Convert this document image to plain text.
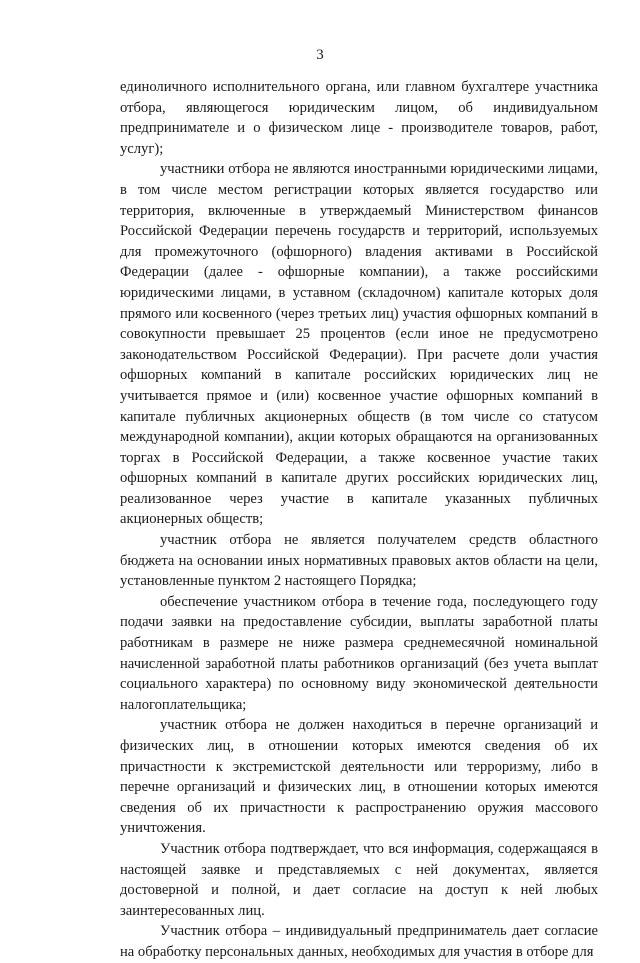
3

единоличного исполнительного органа, или главном бухгалтере участника отбора, являющегося юридическим лицом, об индивидуальном предпринимателе и о физическом лице - производителе товаров, работ, услуг);

участники отбора не являются иностранными юридическими лицами, в том числе местом регистрации которых является государство или территория, включенные в утверждаемый Министерством финансов Российской Федерации перечень государств и территорий, используемых для промежуточного (офшорного) владения активами в Российской Федерации (далее - офшорные компании), а также российскими юридическими лицами, в уставном (складочном) капитале которых доля прямого или косвенного (через третьих лиц) участия офшорных компаний в совокупности превышает 25 процентов (если иное не предусмотрено законодательством Российской Федерации). При расчете доли участия офшорных компаний в капитале российских юридических лиц не учитывается прямое и (или) косвенное участие офшорных компаний в капитале публичных акционерных обществ (в том числе со статусом международной компании), акции которых обращаются на организованных торгах в Российской Федерации, а также косвенное участие таких офшорных компаний в капитале других российских юридических лиц, реализованное через участие в капитале указанных публичных акционерных обществ;

участник отбора не является получателем средств областного бюджета на основании иных нормативных правовых актов области на цели, установленные пунктом 2 настоящего Порядка;

обеспечение участником отбора в течение года, последующего году подачи заявки на предоставление субсидии, выплаты заработной платы работникам в размере не ниже размера среднемесячной номинальной начисленной заработной платы работников организаций (без учета выплат социального характера) по основному виду экономической деятельности налогоплательщика;

участник отбора не должен находиться в перечне организаций и физических лиц, в отношении которых имеются сведения об их причастности к экстремистской деятельности или терроризму, либо в перечне организаций и физических лиц, в отношении которых имеются сведения об их причастности к распространению оружия массового уничтожения.

Участник отбора подтверждает, что вся информация, содержащаяся в настоящей заявке и представляемых с ней документах, является достоверной и полной, и дает согласие на доступ к ней любых заинтересованных лиц.

Участник отбора – индивидуальный предприниматель дает согласие на обработку персональных данных, необходимых для участия в отборе для
